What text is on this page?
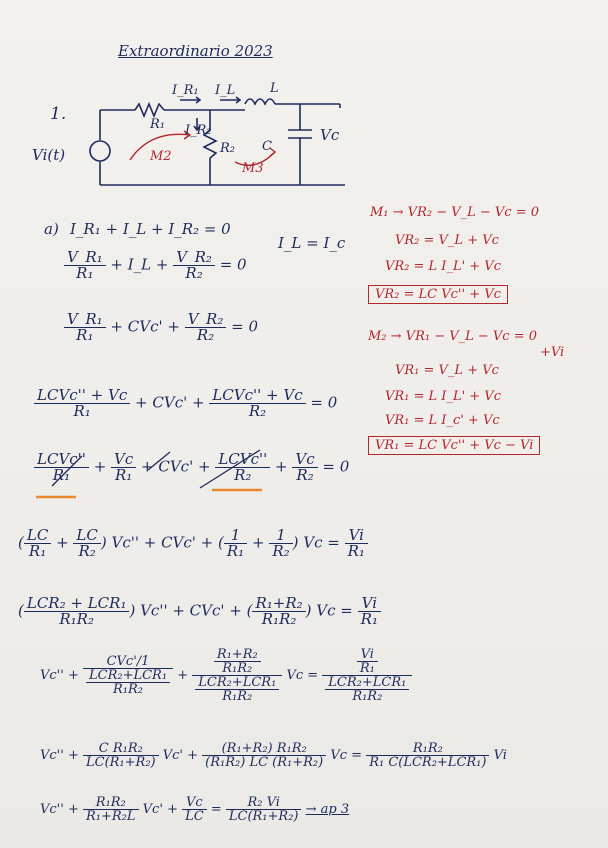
Extraordinario 2023
1.
Vi(t)
R₁
R₂
L
C
Vc
I_R₁ I_L
I_R₂
M2
M3
a) I_R₁ + I_L + I_R₂ = 0
I_L = I_c
$\frac{\text{V\_R₁}}{\text{R₁}}$ + I_L + $\frac{\text{V\_R₂}}{\text{R₂}} = 0$
$\frac{\text{V\_R₁}}{\text{R₁}} + CVc' + \frac{\text{V\_R₂}}{\text{R₂}} = 0$
$\frac{\text{LCVc'' + Vc}}{\text{R₁}} + CVc' + \frac{\text{LCVc'' + Vc}}{\text{R₂}} = 0$
$\frac{\text{LCVc''}}{\text{R₁}} + \frac{Vc}{\text{R₁}} + CVc' + \frac{\text{LCVc''}}{\text{R₂}} + \frac{Vc}{\text{R₂}} = 0$
( $\frac{LC}{\text{R₁}} + \frac{LC}{\text{R₂}}$ ) Vc'' + CVc' + ( $\frac{1}{\text{R₁}} + \frac{1}{\text{R₂}}$ ) $Vc = \frac{Vi}{\text{R₁}}$
( $\frac{\text{LCR₂ + LCR₁}}{\text{R₁R₂}}$ ) Vc'' + CVc' + ( $\frac{\text{R₁+R₂}}{\text{R₁R₂}}$ ) $Vc = \frac{Vi}{\text{R₁}}$
$Vc'' + \frac{\text{CVc'/1}}{\frac{\text{LCR₂+LCR₁}}{\text{R₁R₂}}} + \frac{\frac{\text{R₁+R₂}}{\text{R₁R₂}}}{\frac{\text{LCR₂+LCR₁}}{\text{R₁R₂}}}$ $Vc = \frac{\frac{Vi}{\text{R₁}}}{\frac{\text{LCR₂+LCR₁}}{\text{R₁R₂}}}$
$Vc'' + \frac{\text{C R₁R₂}}{\text{LC(R₁+R₂)}} Vc' + \frac{\text{(R₁+R₂) R₁R₂}}{\text{(R₁R₂) LC (R₁+R₂)}}$ $Vc = \frac{\text{R₁R₂}}{\text{R₁ C(LCR₂+LCR₁)}}$ Vi
$Vc'' + \frac{\text{R₁R₂}}{\text{R₁+R₂L}} Vc' + \frac{Vc}{LC} = \frac{\text{R₂ Vi}}{\text{LC(R₁+R₂)}}$ → ap 3
M₁ → VR₂ − V_L − Vc = 0
VR₂ = V_L + Vc
VR₂ = L I_L' + Vc
VR₂ = LC Vc'' + Vc
M₂ → VR₁ − V_L − Vc = 0
+Vi
VR₁ = V_L + Vc
VR₁ = L I_L' + Vc
VR₁ = L I_c' + Vc
VR₁ = LC Vc'' + Vc − Vi
